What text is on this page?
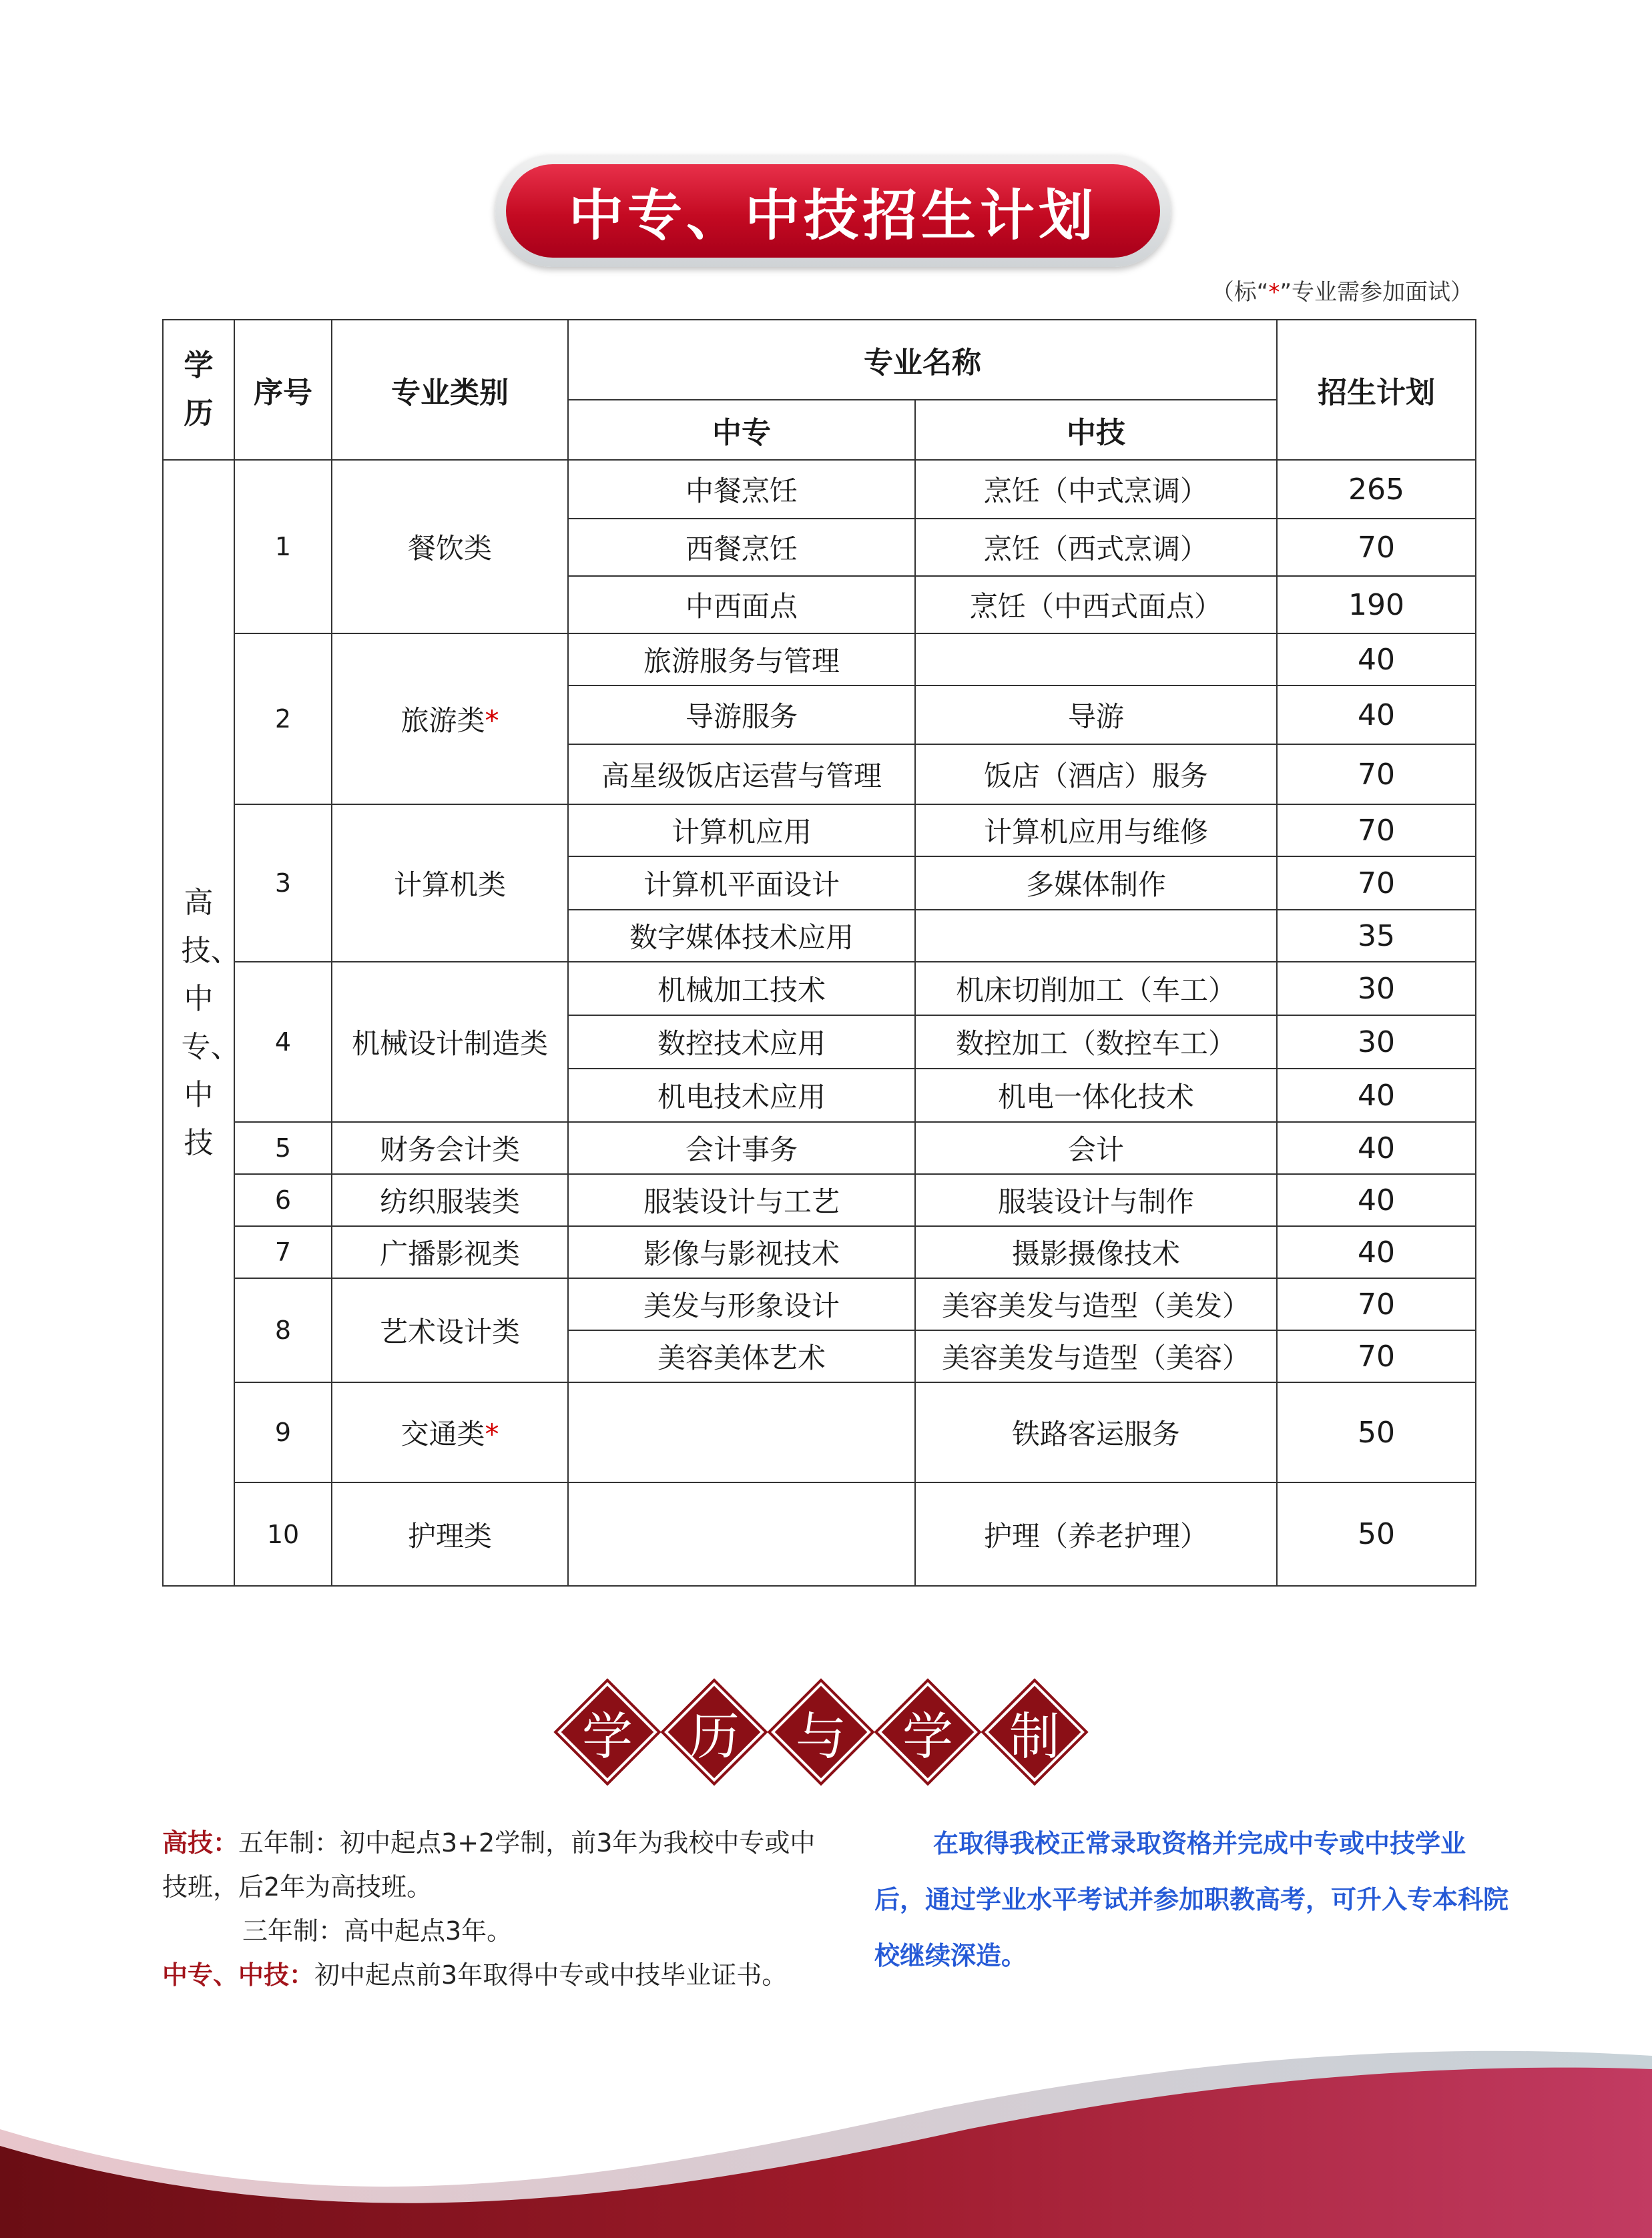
中专、中技招生计划
（标“*”专业需参加面试）
学历	序号	专业类别	专业名称		招生计划
			中专	中技	

高技、中专、中技	1	餐饮类	中餐烹饪	烹饪（中式烹调）	265
			西餐烹饪	烹饪（西式烹调）	70
			中西面点	烹饪（中西式面点）	190
	2	旅游类*	旅游服务与管理		40
			导游服务	导游	40
			高星级饭店运营与管理	饭店（酒店）服务	70
	3	计算机类	计算机应用	计算机应用与维修	70
			计算机平面设计	多媒体制作	70
			数字媒体技术应用		35
	4	机械设计制造类	机械加工技术	机床切削加工（车工）	30
			数控技术应用	数控加工（数控车工）	30
			机电技术应用	机电一体化技术	40
	5	财务会计类	会计事务	会计	40
	6	纺织服装类	服装设计与工艺	服装设计与制作	40
	7	广播影视类	影像与影视技术	摄影摄像技术	40
	8	艺术设计类	美发与形象设计	美容美发与造型（美发）	70
			美容美体艺术	美容美发与造型（美容）	70
	9	交通类*		铁路客运服务	50
	10	护理类		护理（养老护理）	50
学	历	与	学	制
高技：五年制：初中起点3+2学制，前3年为我校中专或中技班，后2年为高技班。
三年制：高中起点3年。
中专、中技：初中起点前3年取得中专或中技毕业证书。
在取得我校正常录取资格并完成中专或中技学业后，通过学业水平考试并参加职教高考，可升入专本科院校继续深造。
